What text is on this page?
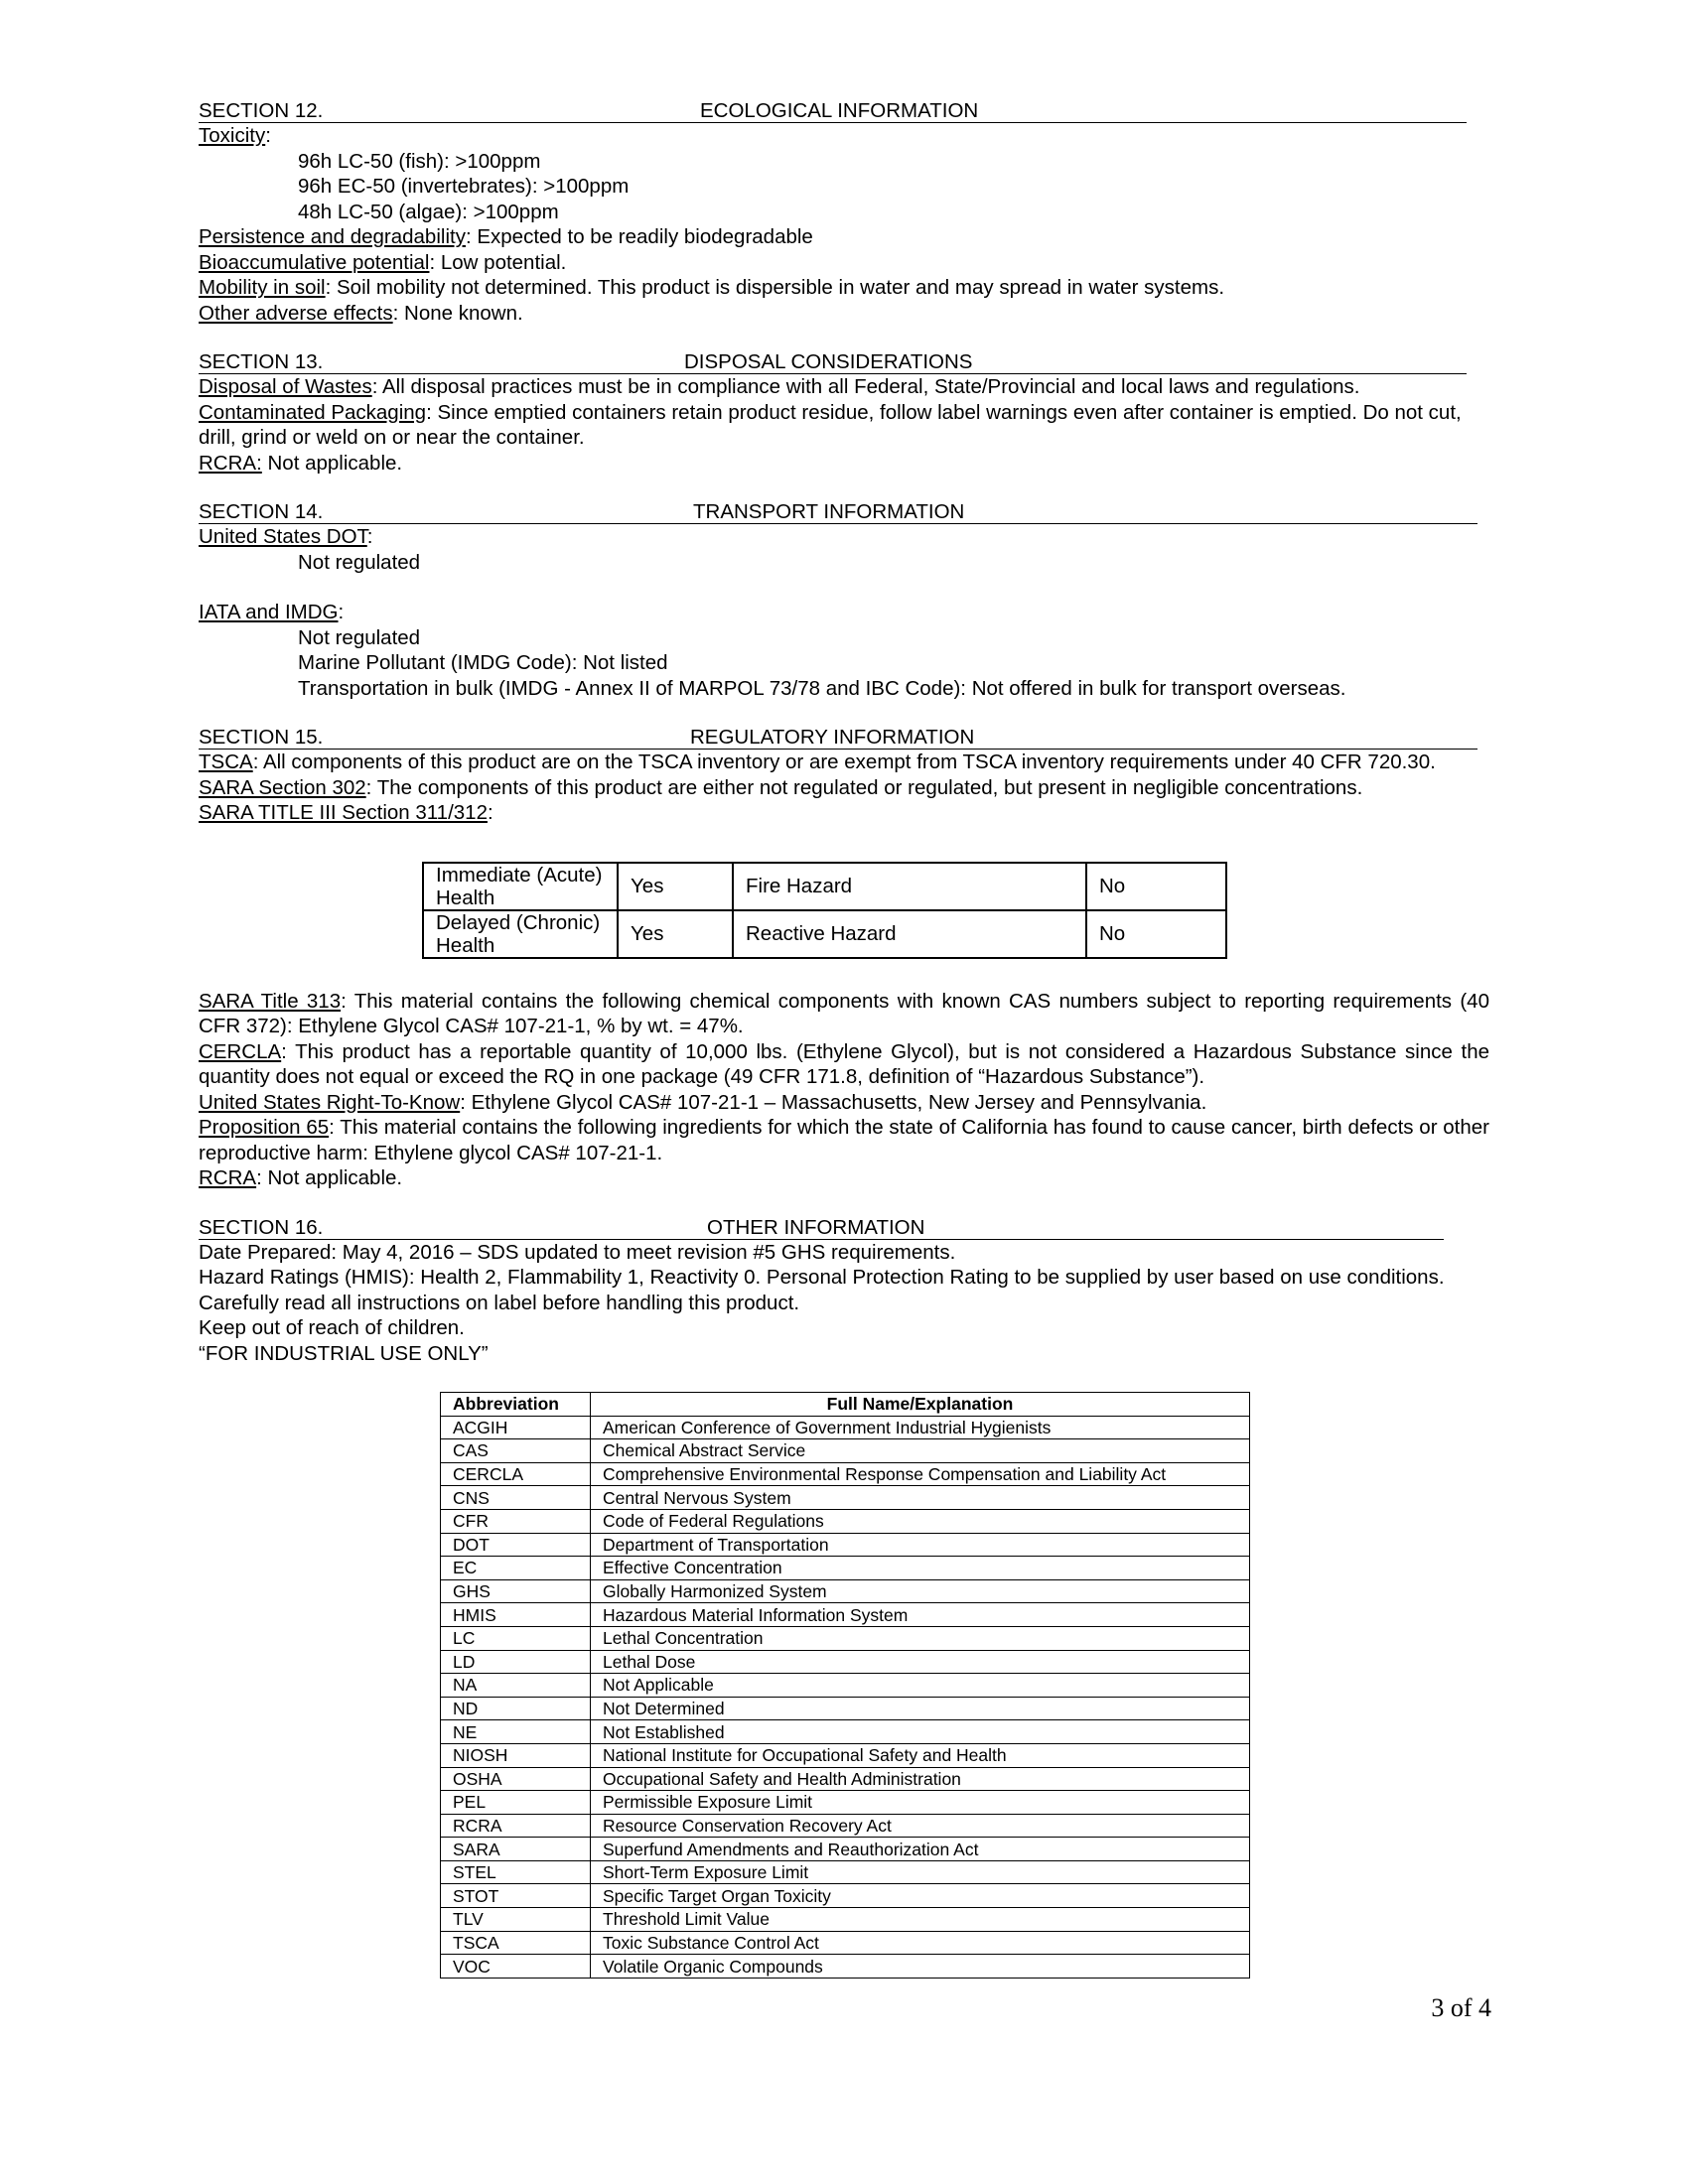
SECTION 12.	ECOLOGICAL INFORMATION
Toxicity:
96h LC-50 (fish): >100ppm
96h EC-50 (invertebrates): >100ppm
48h LC-50 (algae): >100ppm
Persistence and degradability: Expected to be readily biodegradable
Bioaccumulative potential: Low potential.
Mobility in soil: Soil mobility not determined. This product is dispersible in water and may spread in water systems.
Other adverse effects: None known.
SECTION 13.	DISPOSAL CONSIDERATIONS
Disposal of Wastes: All disposal practices must be in compliance with all Federal, State/Provincial and local laws and regulations.
Contaminated Packaging: Since emptied containers retain product residue, follow label warnings even after container is emptied. Do not cut, drill, grind or weld on or near the container.
RCRA: Not applicable.
SECTION 14.	TRANSPORT INFORMATION
United States DOT:
Not regulated
IATA and IMDG:
Not regulated
Marine Pollutant (IMDG Code): Not listed
Transportation in bulk (IMDG - Annex II of MARPOL 73/78 and IBC Code): Not offered in bulk for transport overseas.
SECTION 15.	REGULATORY INFORMATION
TSCA: All components of this product are on the TSCA inventory or are exempt from TSCA inventory requirements under 40 CFR 720.30.
SARA Section 302: The components of this product are either not regulated or regulated, but present in negligible concentrations.
SARA TITLE III Section 311/312:
Immediate (Acute) Health	Yes	Fire Hazard	No
Delayed (Chronic) Health	Yes	Reactive Hazard	No
SARA Title 313: This material contains the following chemical components with known CAS numbers subject to reporting requirements (40 CFR 372): Ethylene Glycol CAS# 107-21-1, % by wt. = 47%.
CERCLA: This product has a reportable quantity of 10,000 lbs. (Ethylene Glycol), but is not considered a Hazardous Substance since the quantity does not equal or exceed the RQ in one package (49 CFR 171.8, definition of “Hazardous Substance”).
United States Right-To-Know: Ethylene Glycol CAS# 107-21-1 – Massachusetts, New Jersey and Pennsylvania.
Proposition 65: This material contains the following ingredients for which the state of California has found to cause cancer, birth defects or other reproductive harm: Ethylene glycol CAS# 107-21-1.
RCRA: Not applicable.
SECTION 16.	OTHER INFORMATION
Date Prepared: May 4, 2016 – SDS updated to meet revision #5 GHS requirements.
Hazard Ratings (HMIS): Health 2, Flammability 1, Reactivity 0. Personal Protection Rating to be supplied by user based on use conditions.
Carefully read all instructions on label before handling this product.
Keep out of reach of children.
“FOR INDUSTRIAL USE ONLY”
Abbreviation	Full Name/Explanation
ACGIH	American Conference of Government Industrial Hygienists
CAS	Chemical Abstract Service
CERCLA	Comprehensive Environmental Response Compensation and Liability Act
CNS	Central Nervous System
CFR	Code of Federal Regulations
DOT	Department of Transportation
EC	Effective Concentration
GHS	Globally Harmonized System
HMIS	Hazardous Material Information System
LC	Lethal Concentration
LD	Lethal Dose
NA	Not Applicable
ND	Not Determined
NE	Not Established
NIOSH	National Institute for Occupational Safety and Health
OSHA	Occupational Safety and Health Administration
PEL	Permissible Exposure Limit
RCRA	Resource Conservation Recovery Act
SARA	Superfund Amendments and Reauthorization Act
STEL	Short-Term Exposure Limit
STOT	Specific Target Organ Toxicity
TLV	Threshold Limit Value
TSCA	Toxic Substance Control Act
VOC	Volatile Organic Compounds
3 of 4
